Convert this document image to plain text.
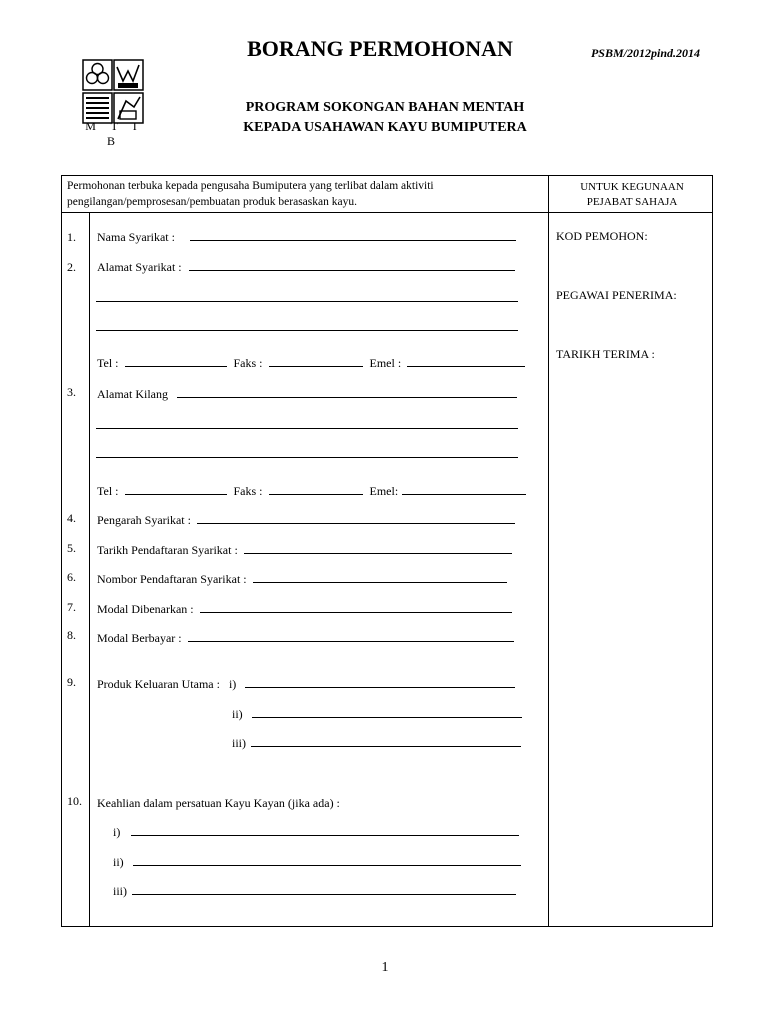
M T I B
BORANG PERMOHONAN	PSBM/2012pind.2014
PROGRAM SOKONGAN BAHAN MENTAH
KEPADA USAHAWAN KAYU BUMIPUTERA
Permohonan terbuka kepada pengusaha Bumiputera yang terlibat dalam aktiviti
pengilangan/pemprosesan/pembuatan produk berasaskan kayu.
UNTUK KEGUNAAN
PEJABAT SAHAJA
KOD PEMOHON:
PEGAWAI PENERIMA:
TARIKH TERIMA :
1. Nama Syarikat :
2. Alamat Syarikat :
Tel :	Faks :	Emel :
3. Alamat Kilang
Tel :	Faks :	Emel:
4. Pengarah Syarikat :
5. Tarikh Pendaftaran Syarikat :
6. Nombor Pendaftaran Syarikat :
7. Modal Dibenarkan :
8. Modal Berbayar :
9. Produk Keluaran Utama : i)
ii)
iii)
10. Keahlian dalam persatuan Kayu Kayan (jika ada) :
i)
ii)
iii)
1
